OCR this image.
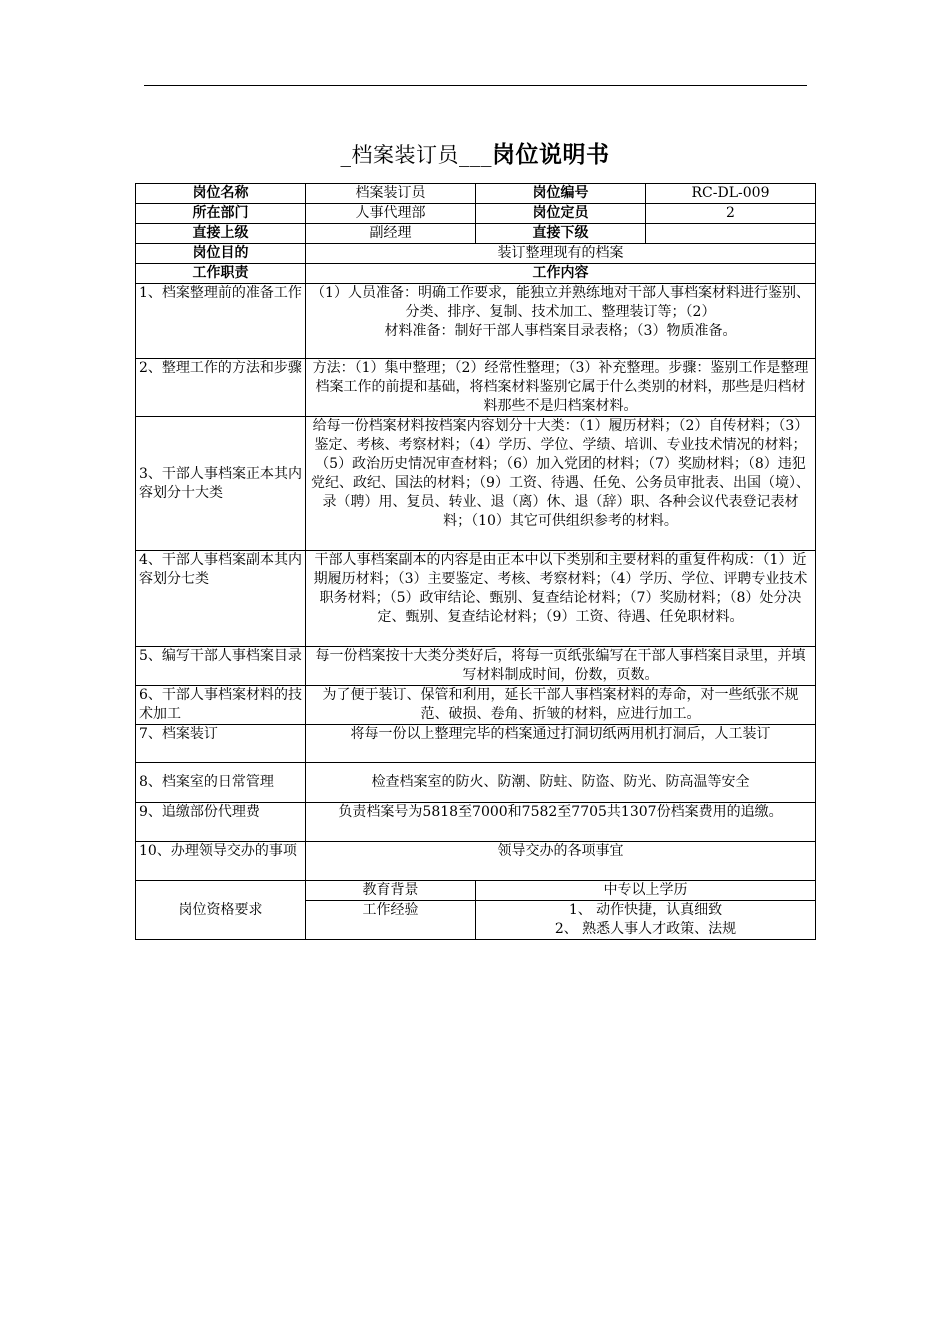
_档案装订员___岗位说明书
岗位名称	档案装订员	岗位编号	RC-DL-009
所在部门	人事代理部	岗位定员	2
直接上级	副经理	直接下级	
岗位目的	装订整理现有的档案		
工作职责	工作内容		
1、档案整理前的准备工作	（1）人员准备：明确工作要求，能独立并熟练地对干部人事档案材料进行鉴别、分类、排序、复制、技术加工、整理装订等；（2）
材料准备：制好干部人事档案目录表格；（3）物质准备。		

2、整理工作的方法和步骤	方法：（1）集中整理；（2）经常性整理；（3）补充整理。步骤：鉴别工作是整理档案工作的前提和基础，将档案材料鉴别它属于什么类别的材料，那些是归档材料那些不是归档案材料。		
3、干部人事档案正本其内容划分十大类	给每一份档案材料按档案内容划分十大类：（1）履历材料；（2）自传材料；（3）鉴定、考核、考察材料；（4）学历、学位、学绩、培训、专业技术情况的材料；（5）政治历史情况审查材料；（6）加入党团的材料；（7）奖励材料；（8）违犯党纪、政纪、国法的材料；（9）工资、待遇、任免、公务员审批表、出国（境）、录（聘）用、复员、转业、退（离）休、退（辞）职、各种会议代表登记表材料；（10）其它可供组织参考的材料。		
4、干部人事档案副本其内容划分七类	干部人事档案副本的内容是由正本中以下类别和主要材料的重复件构成：（1）近期履历材料；（3）主要鉴定、考核、考察材料；（4）学历、学位、评聘专业技术职务材料；（5）政审结论、甄别、复查结论材料；（7）奖励材料；（8）处分决定、甄别、复查结论材料；（9）工资、待遇、任免职材料。		
5、编写干部人事档案目录	每一份档案按十大类分类好后，将每一页纸张编写在干部人事档案目录里，并填写材料制成时间，份数，页数。		
6、干部人事档案材料的技术加工	为了便于装订、保管和利用，延长干部人事档案材料的寿命，对一些纸张不规范、破损、卷角、折皱的材料，应进行加工。		
7、档案装订	将每一份以上整理完毕的档案通过打洞切纸两用机打洞后，人工装订		
8、档案室的日常管理	检查档案室的防火、防潮、防蛀、防盗、防光、防高温等安全		
9、追缴部份代理费	负责档案号为5818至7000和7582至7705共1307份档案费用的追缴。		
10、办理领导交办的事项	领导交办的各项事宜		
岗位资格要求	教育背景	中专以上学历	
	工作经验	1、 动作快捷，认真细致
2、 熟悉人事人才政策、法规	
